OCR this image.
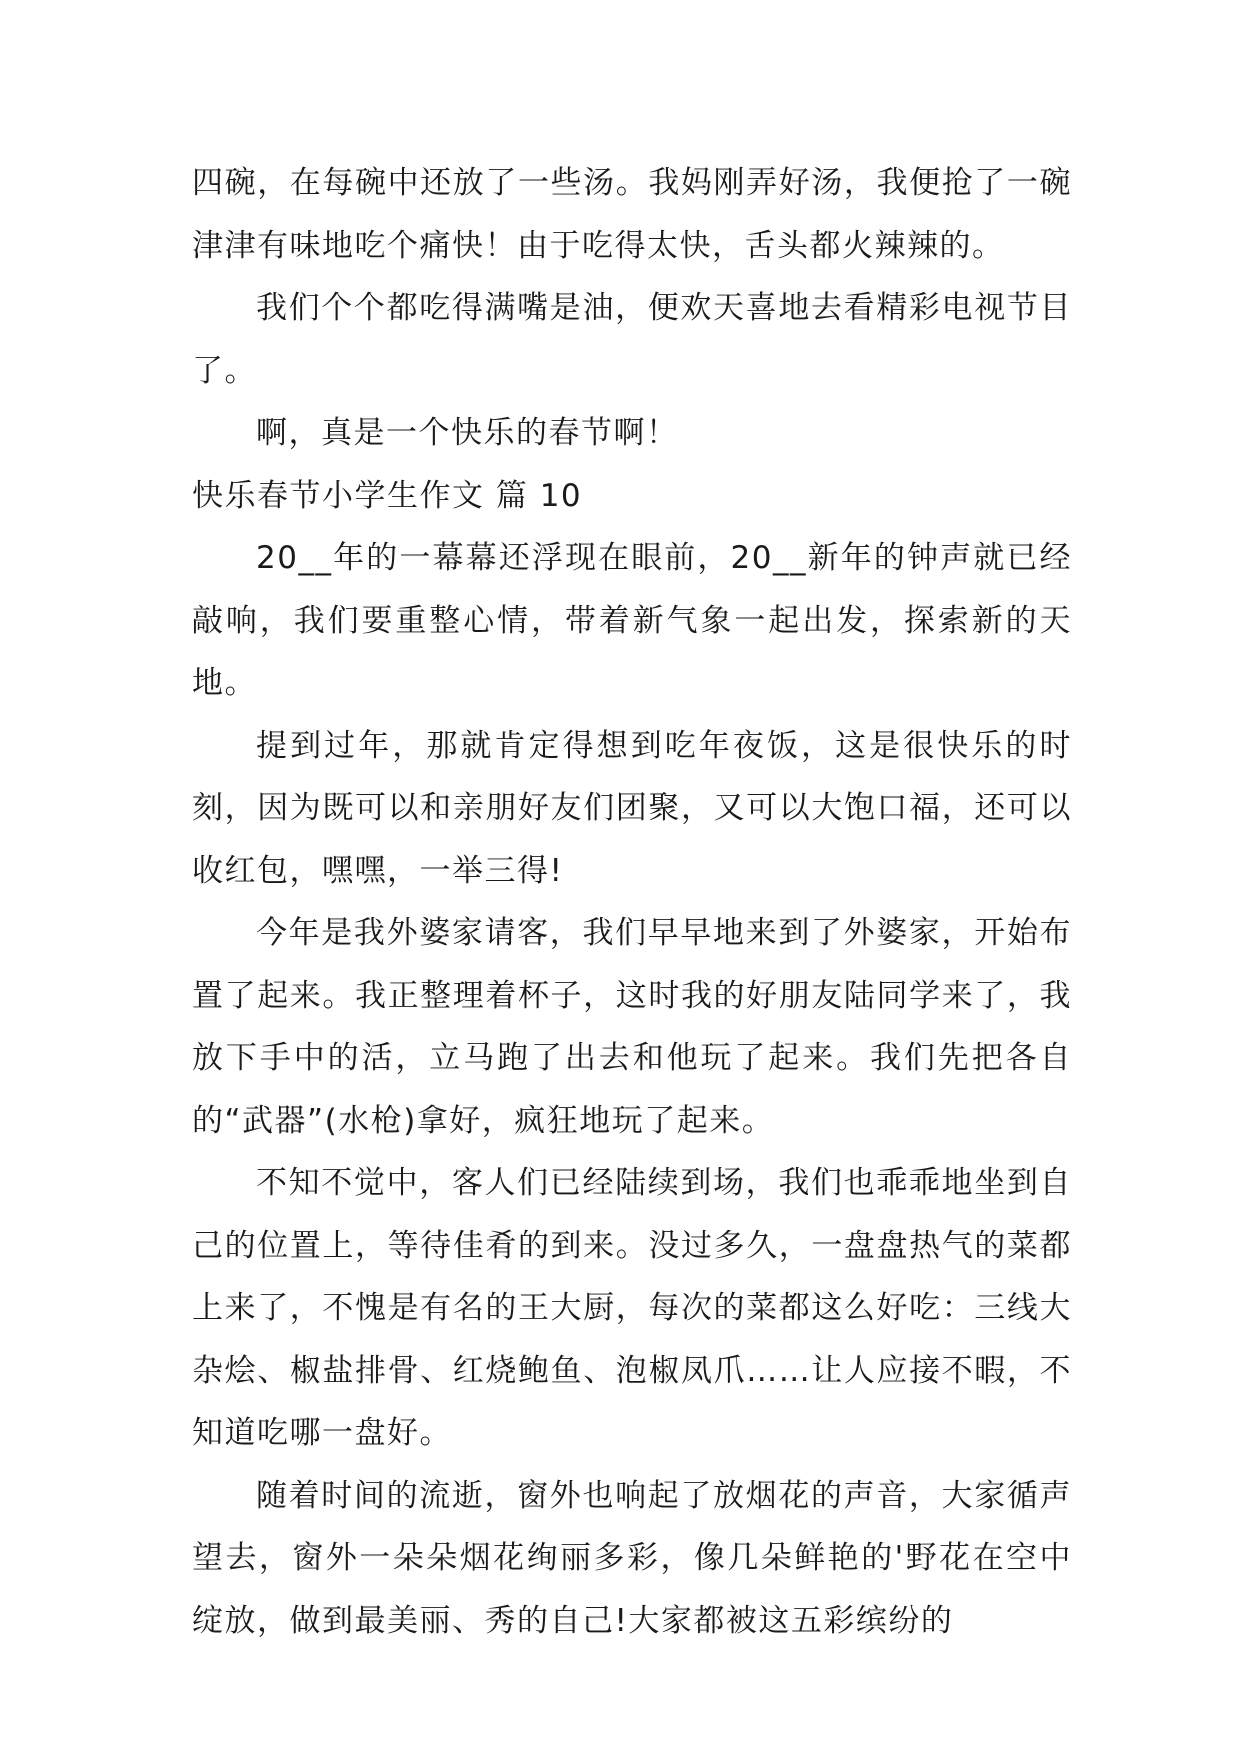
四碗，在每碗中还放了一些汤。我妈刚弄好汤，我便抢了一碗津津有味地吃个痛快！由于吃得太快，舌头都火辣辣的。

我们个个都吃得满嘴是油，便欢天喜地去看精彩电视节目了。

啊，真是一个快乐的春节啊！

快乐春节小学生作文 篇 10

20__年的一幕幕还浮现在眼前，20__新年的钟声就已经敲响，我们要重整心情，带着新气象一起出发，探索新的天地。

提到过年，那就肯定得想到吃年夜饭，这是很快乐的时刻，因为既可以和亲朋好友们团聚，又可以大饱口福，还可以收红包，嘿嘿，一举三得!

今年是我外婆家请客，我们早早地来到了外婆家，开始布置了起来。我正整理着杯子，这时我的好朋友陆同学来了，我放下手中的活，立马跑了出去和他玩了起来。我们先把各自的“武器”(水枪)拿好，疯狂地玩了起来。

不知不觉中，客人们已经陆续到场，我们也乖乖地坐到自己的位置上，等待佳肴的到来。没过多久，一盘盘热气的菜都上来了，不愧是有名的王大厨，每次的菜都这么好吃：三线大杂烩、椒盐排骨、红烧鲍鱼、泡椒凤爪……让人应接不暇，不知道吃哪一盘好。

随着时间的流逝，窗外也响起了放烟花的声音，大家循声望去，窗外一朵朵烟花绚丽多彩，像几朵鲜艳的'野花在空中绽放，做到最美丽、秀的自己!大家都被这五彩缤纷的
